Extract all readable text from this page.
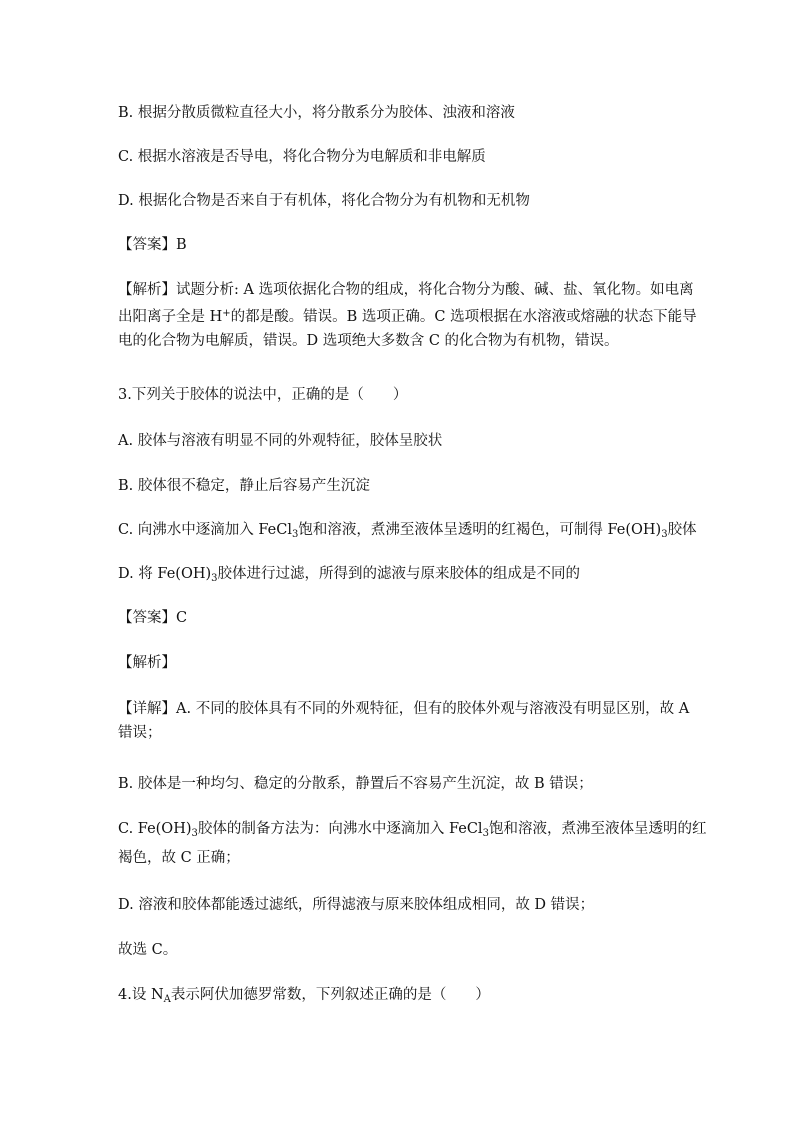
B. 根据分散质微粒直径大小，将分散系分为胶体、浊液和溶液
C. 根据水溶液是否导电，将化合物分为电解质和非电解质
D. 根据化合物是否来自于有机体，将化合物分为有机物和无机物
【答案】B
【解析】试题分析: A 选项依据化合物的组成，将化合物分为酸、碱、盐、氧化物。如电离
出阳离子全是 H+的都是酸。错误。B 选项正确。C 选项根据在水溶液或熔融的状态下能导
电的化合物为电解质，错误。D 选项绝大多数含 C 的化合物为有机物，错误。
3.下列关于胶体的说法中，正确的是（　　）
A. 胶体与溶液有明显不同的外观特征，胶体呈胶状
B. 胶体很不稳定，静止后容易产生沉淀
C. 向沸水中逐滴加入 FeCl$_3$饱和溶液，煮沸至液体呈透明的红褐色，可制得 $Fe(OH)_3$胶体
D. 将 $Fe(OH)_3$胶体进行过滤，所得到的滤液与原来胶体的组成是不同的
【答案】C
【解析】
【详解】A. 不同的胶体具有不同的外观特征，但有的胶体外观与溶液没有明显区别，故 A
错误；
B. 胶体是一种均匀、稳定的分散系，静置后不容易产生沉淀，故 B 错误；
C. $Fe(OH)_3$胶体的制备方法为：向沸水中逐滴加入 FeCl$_3$饱和溶液，煮沸至液体呈透明的红
褐色，故 C 正确；
D. 溶液和胶体都能透过滤纸，所得滤液与原来胶体组成相同，故 D 错误；
故选 C。
4.设 $N_A$表示阿伏加德罗常数，下列叙述正确的是（　　）
